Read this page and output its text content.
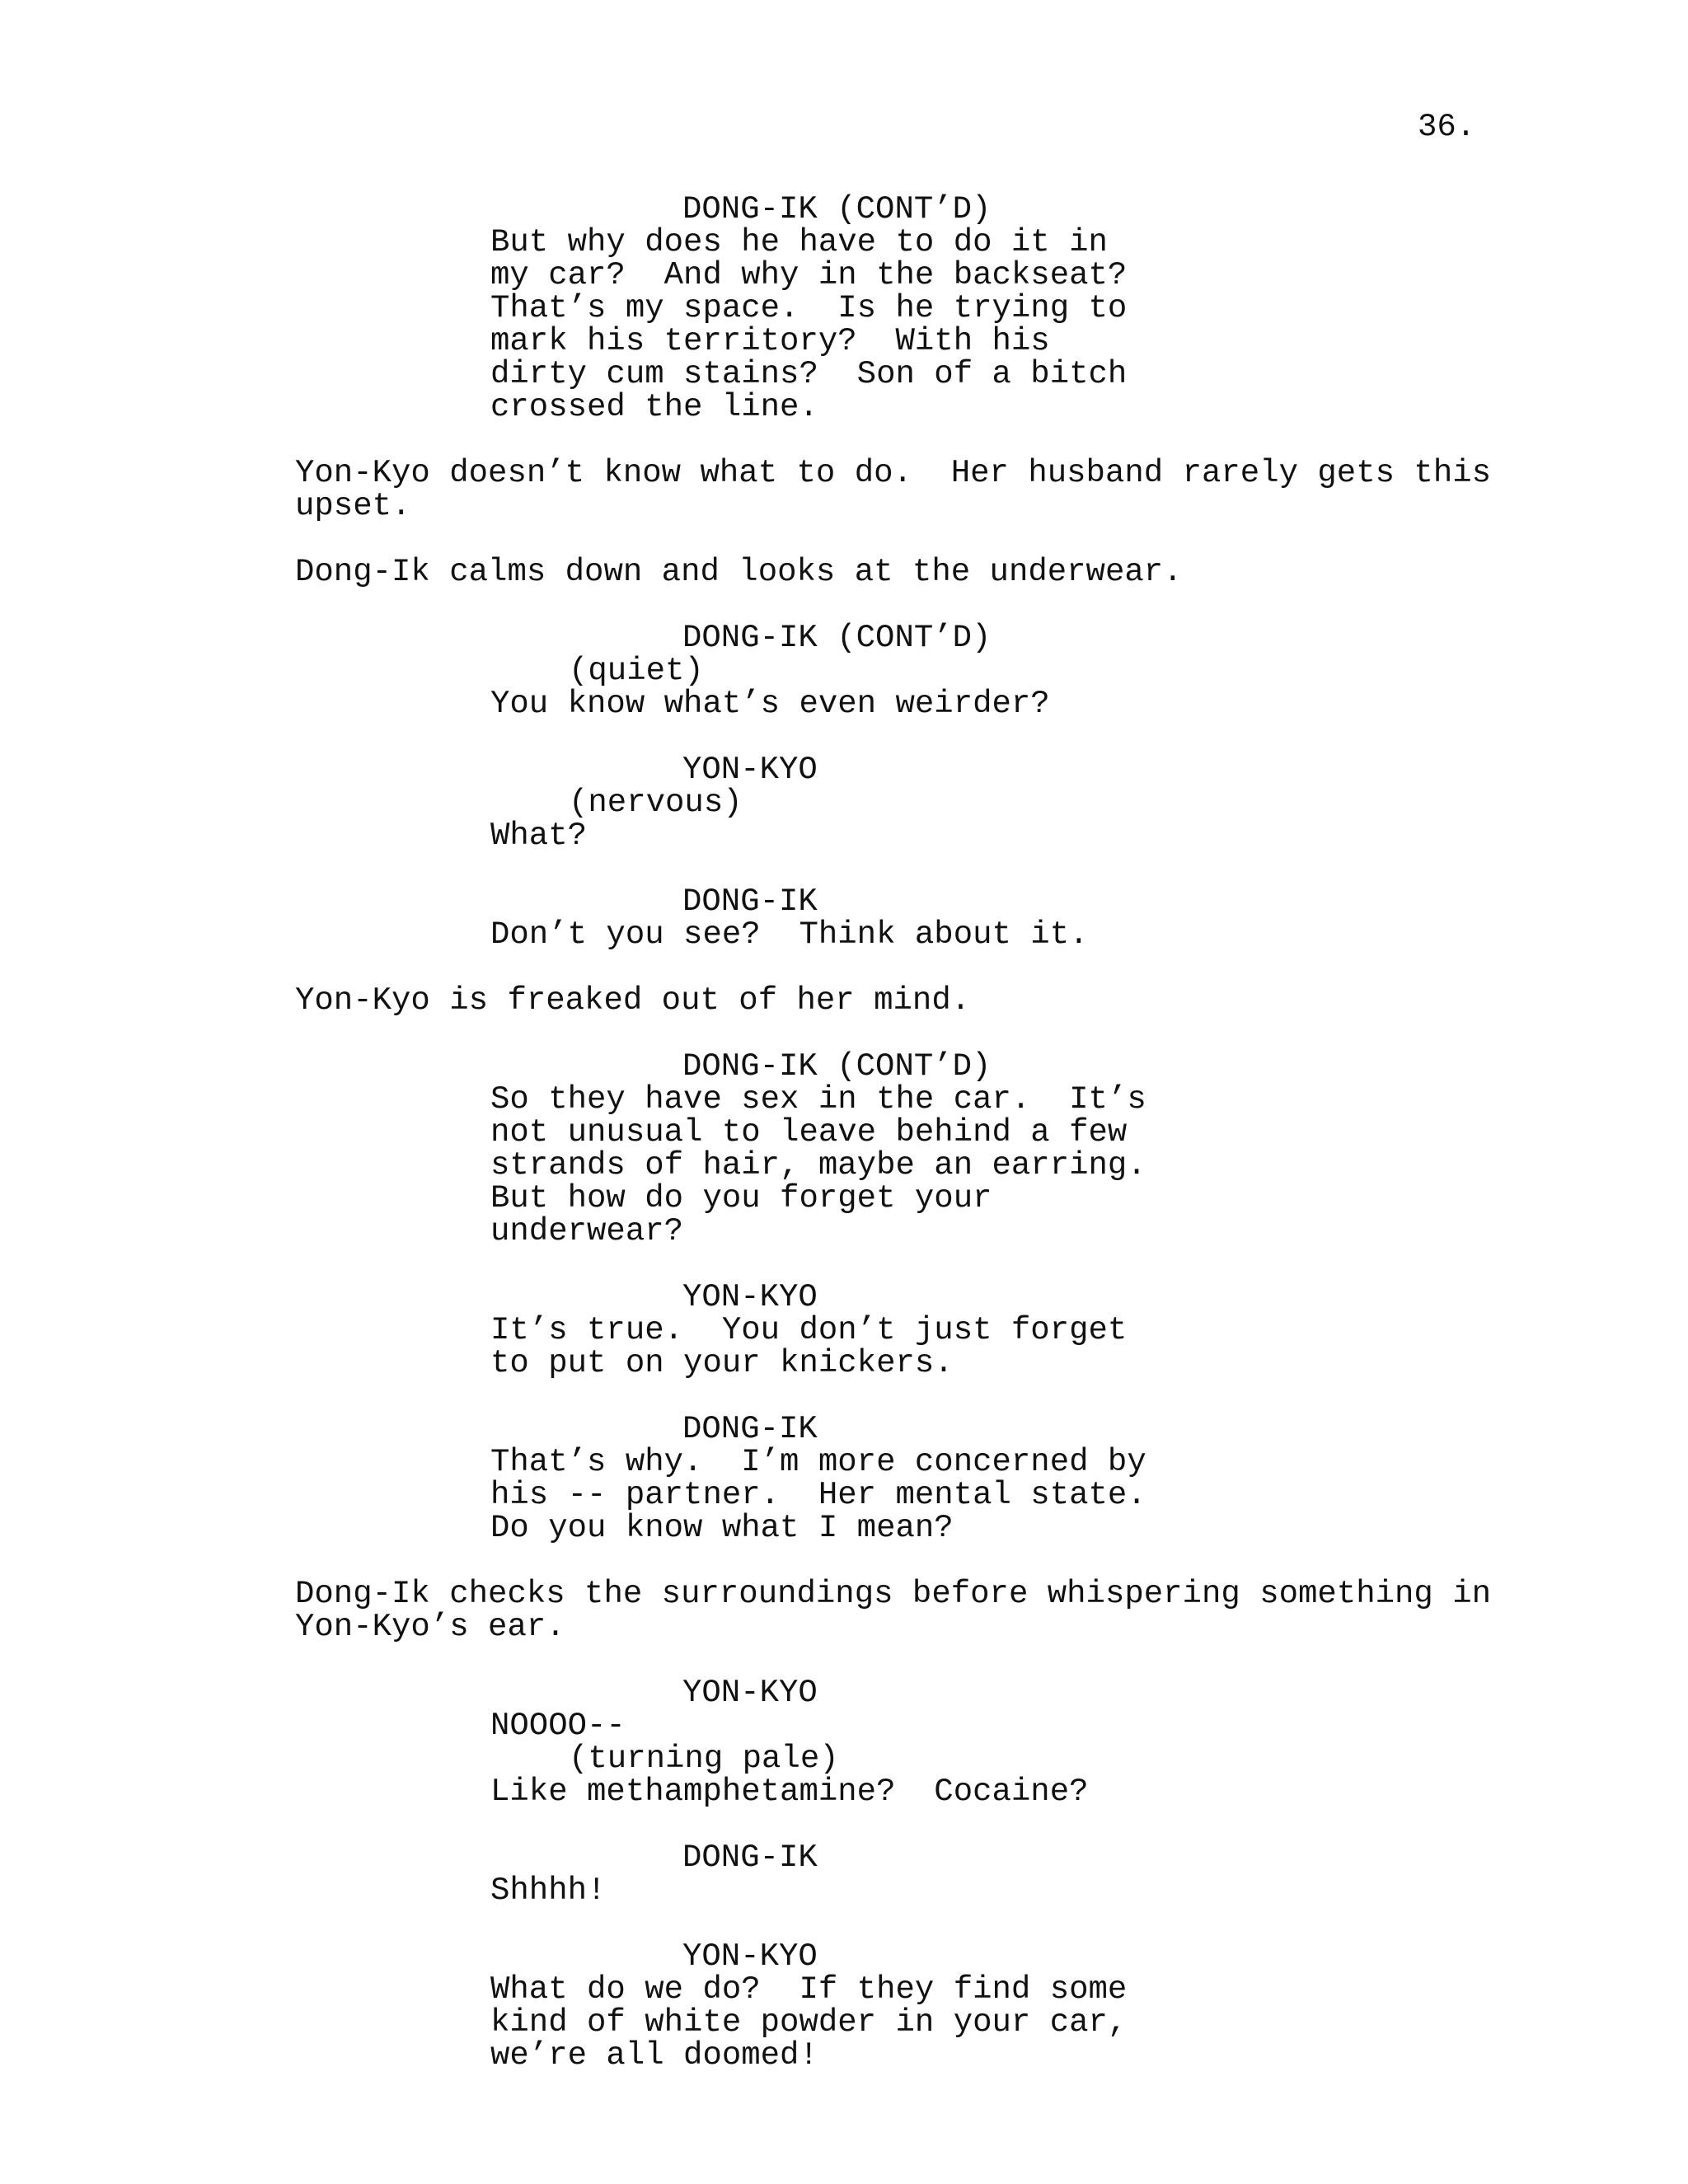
36.
DONG-IK (CONT’D)
But why does he have to do it in
my car?  And why in the backseat?
That’s my space.  Is he trying to
mark his territory?  With his
dirty cum stains?  Son of a bitch
crossed the line.
Yon-Kyo doesn’t know what to do.  Her husband rarely gets this
upset.
Dong-Ik calms down and looks at the underwear.
DONG-IK (CONT’D)
(quiet)
You know what’s even weirder?
YON-KYO
(nervous)
What?
DONG-IK
Don’t you see?  Think about it.
Yon-Kyo is freaked out of her mind.
DONG-IK (CONT’D)
So they have sex in the car.  It’s
not unusual to leave behind a few
strands of hair, maybe an earring.
But how do you forget your
underwear?
YON-KYO
It’s true.  You don’t just forget
to put on your knickers.
DONG-IK
That’s why.  I’m more concerned by
his -- partner.  Her mental state.
Do you know what I mean?
Dong-Ik checks the surroundings before whispering something in
Yon-Kyo’s ear.
YON-KYO
NOOOO--
(turning pale)
Like methamphetamine?  Cocaine?
DONG-IK
Shhhh!
YON-KYO
What do we do?  If they find some
kind of white powder in your car,
we’re all doomed!
